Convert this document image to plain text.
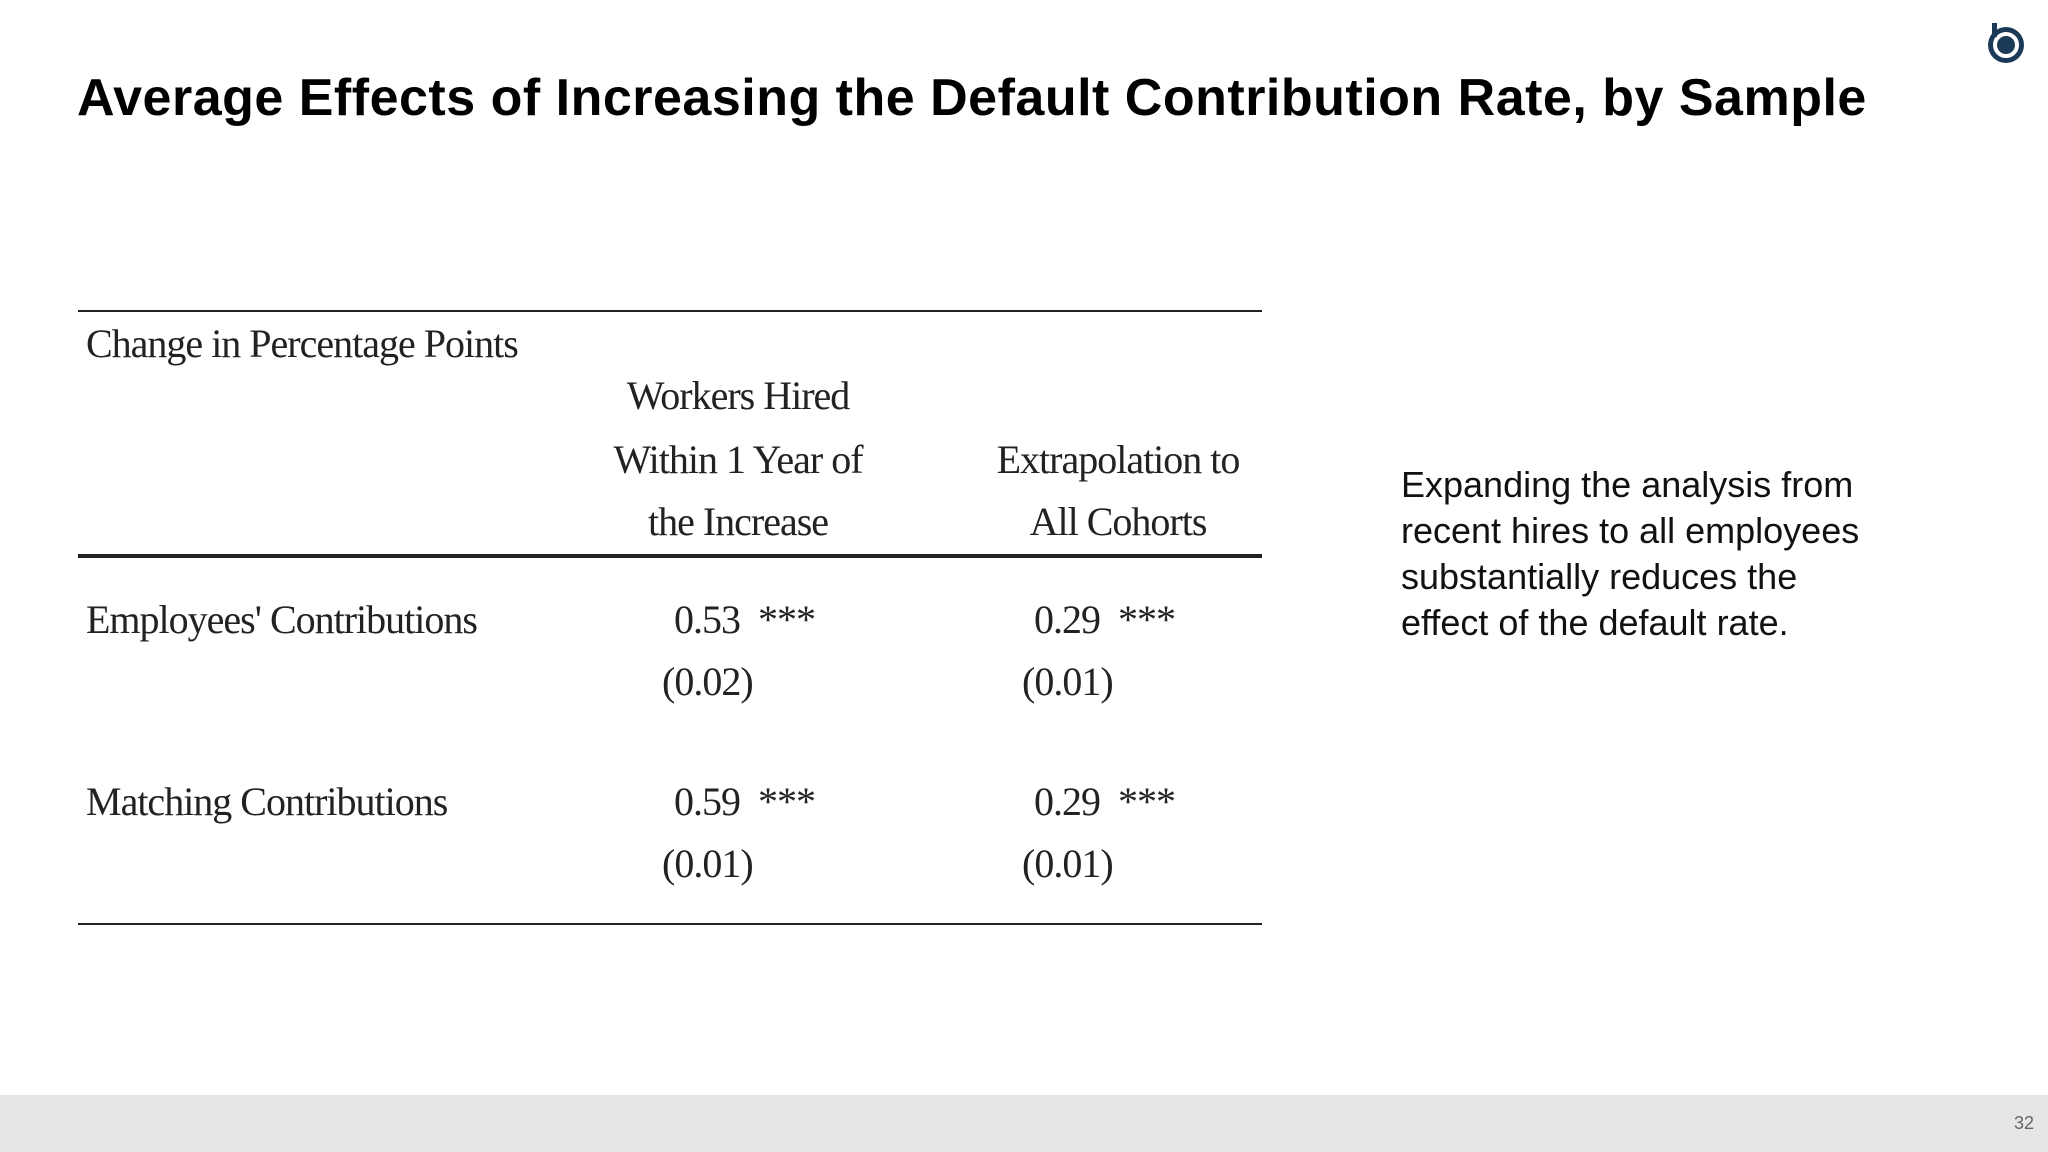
Average Effects of Increasing the Default Contribution Rate, by Sample
Change in Percentage Points
Workers Hired
Within 1 Year of
the Increase
Extrapolation to
All Cohorts
Employees' Contributions	0.53 ***
(0.02)
0.29 ***
(0.01)
Matching Contributions	0.59 ***
(0.01)
0.29 ***
(0.01)
Expanding the analysis from recent hires to all employees substantially reduces the effect of the default rate.
32
